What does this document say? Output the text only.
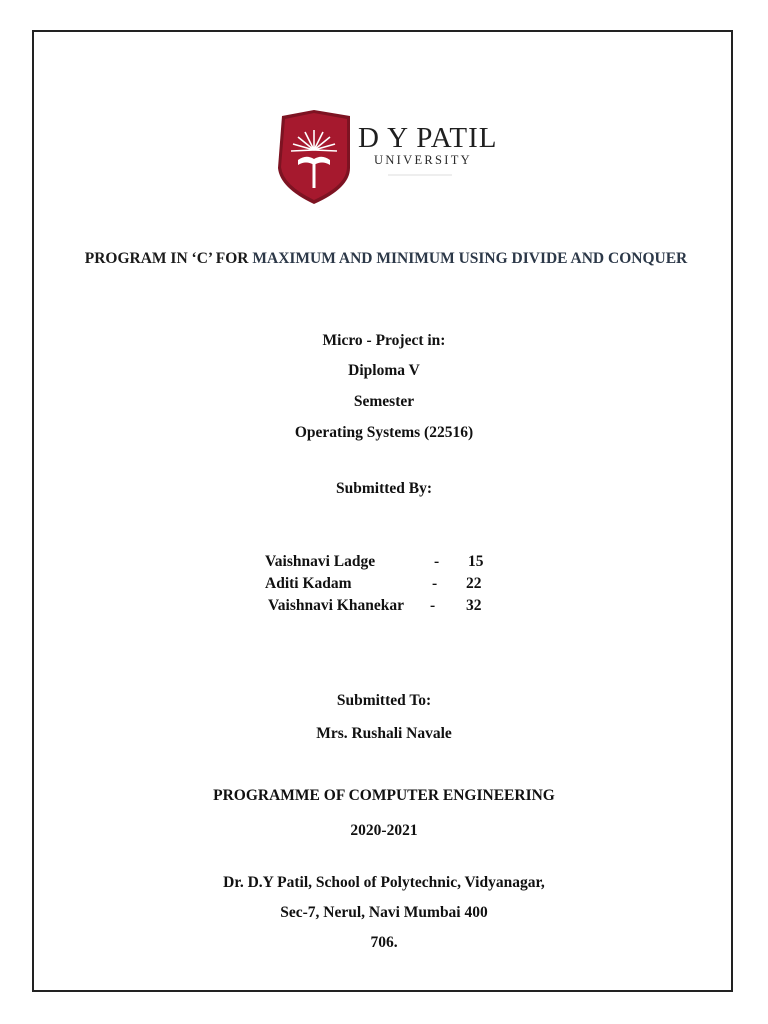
D Y PATIL
UNIVERSITY
PROGRAM IN ‘C’ FOR MAXIMUM AND MINIMUM USING DIVIDE AND CONQUER
Micro - Project in:
Diploma V
Semester
Operating Systems (22516)
Submitted By:
Vaishnavi Ladge	- 15
Aditi Kadam	- 22
Vaishnavi Khanekar - 32
Submitted To:
Mrs. Rushali Navale
PROGRAMME OF COMPUTER ENGINEERING
2020-2021
Dr. D.Y Patil, School of Polytechnic, Vidyanagar,
Sec-7, Nerul, Navi Mumbai 400
706.
